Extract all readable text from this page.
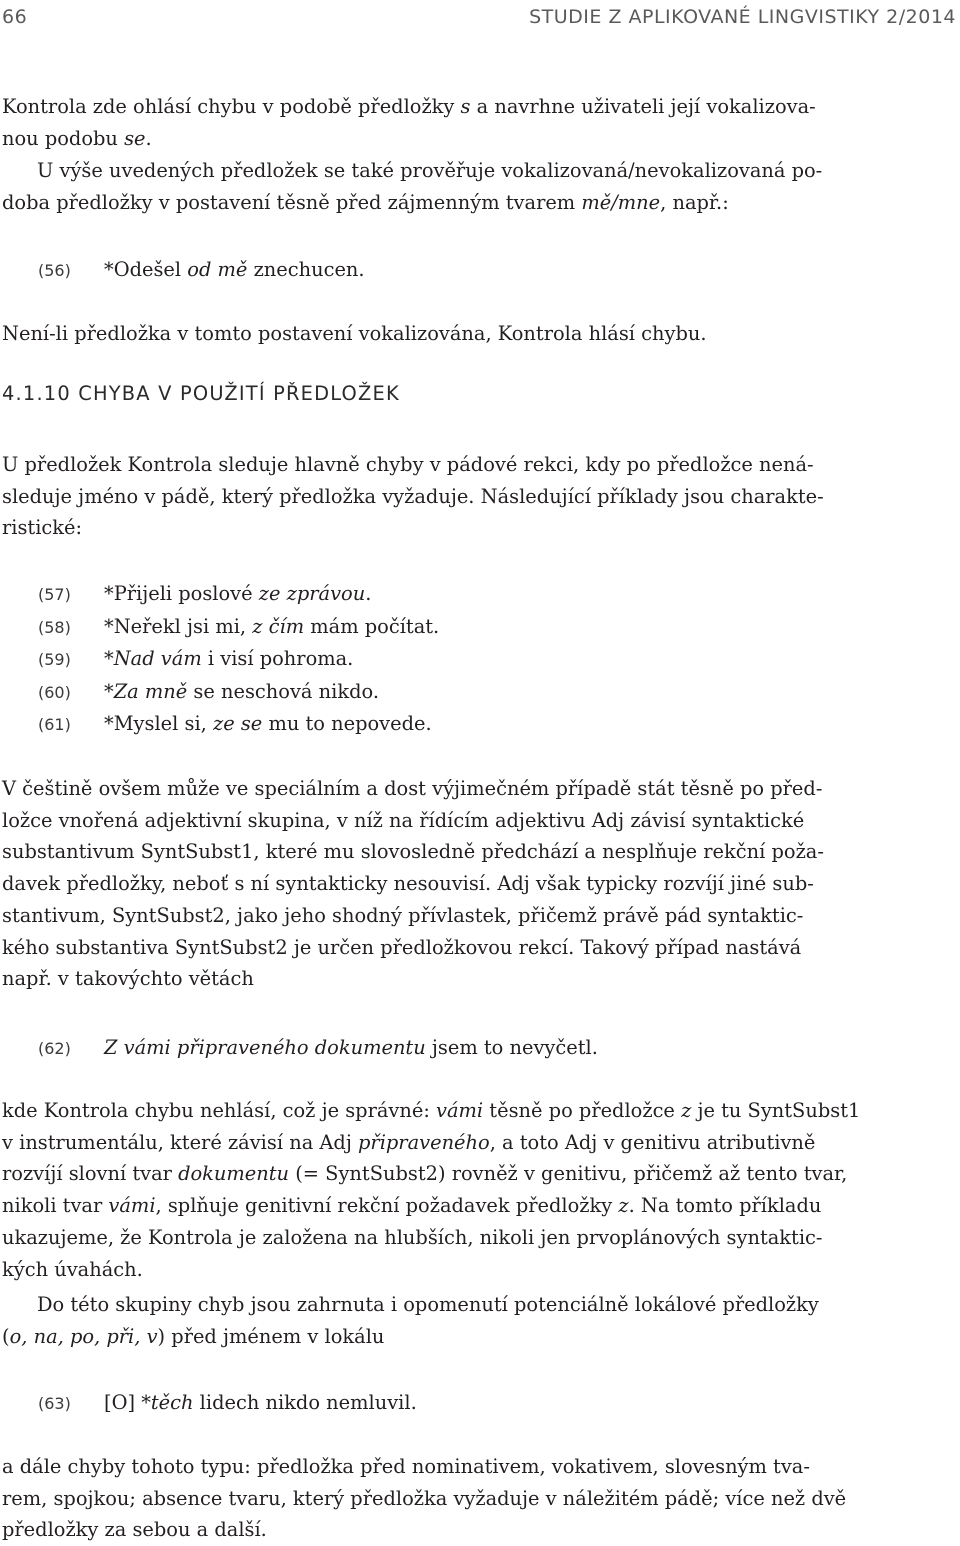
66	STUDIE Z APLIKOVANÉ LINGVISTIKY 2/2014
Kontrola zde ohlásí chybu v podobě předložky s a navrhne uživateli její vokalizova-
nou podobu se.
U výše uvedených předložek se také prověřuje vokalizovaná/nevokalizovaná po-
doba předložky v postavení těsně před zájmenným tvarem mě/mne, např.:
(56) *Odešel od mě znechucen.
Není-li předložka v tomto postavení vokalizována, Kontrola hlásí chybu.
4.1.10 CHYBA V POUŽITÍ PŘEDLOŽEK
U předložek Kontrola sleduje hlavně chyby v pádové rekci, kdy po předložce nená-
sleduje jméno v pádě, který předložka vyžaduje. Následující příklady jsou charakte-
ristické:
(57) *Přijeli poslové ze zprávou.
(58) *Neřekl jsi mi, z čím mám počítat.
(59) *Nad vám i visí pohroma.
(60) *Za mně se neschová nikdo.
(61) *Myslel si, ze se mu to nepovede.
V češtině ovšem může ve speciálním a dost výjimečném případě stát těsně po před-
ložce vnořená adjektivní skupina, v níž na řídícím adjektivu Adj závisí syntaktické
substantivum SyntSubst1, které mu slovosledně předchází a nesplňuje rekční poža-
davek předložky, neboť s ní syntakticky nesouvisí. Adj však typicky rozvíjí jiné sub-
stantivum, SyntSubst2, jako jeho shodný přívlastek, přičemž právě pád syntaktic-
kého substantiva SyntSubst2 je určen předložkovou rekcí. Takový případ nastává
např. v takovýchto větách
(62) Z vámi připraveného dokumentu jsem to nevyčetl.
kde Kontrola chybu nehlásí, což je správné: vámi těsně po předložce z je tu SyntSubst1
v instrumentálu, které závisí na Adj připraveného, a toto Adj v genitivu atributivně
rozvíjí slovní tvar dokumentu (= SyntSubst2) rovněž v genitivu, přičemž až tento tvar,
nikoli tvar vámi, splňuje genitivní rekční požadavek předložky z. Na tomto příkladu
ukazujeme, že Kontrola je založena na hlubších, nikoli jen prvoplánových syntaktic-
kých úvahách.
Do této skupiny chyb jsou zahrnuta i opomenutí potenciálně lokálové předložky
(o, na, po, při, v) před jménem v lokálu
(63) [O] *těch lidech nikdo nemluvil.
a dále chyby tohoto typu: předložka před nominativem, vokativem, slovesným tva-
rem, spojkou; absence tvaru, který předložka vyžaduje v náležitém pádě; více než dvě
předložky za sebou a další.
